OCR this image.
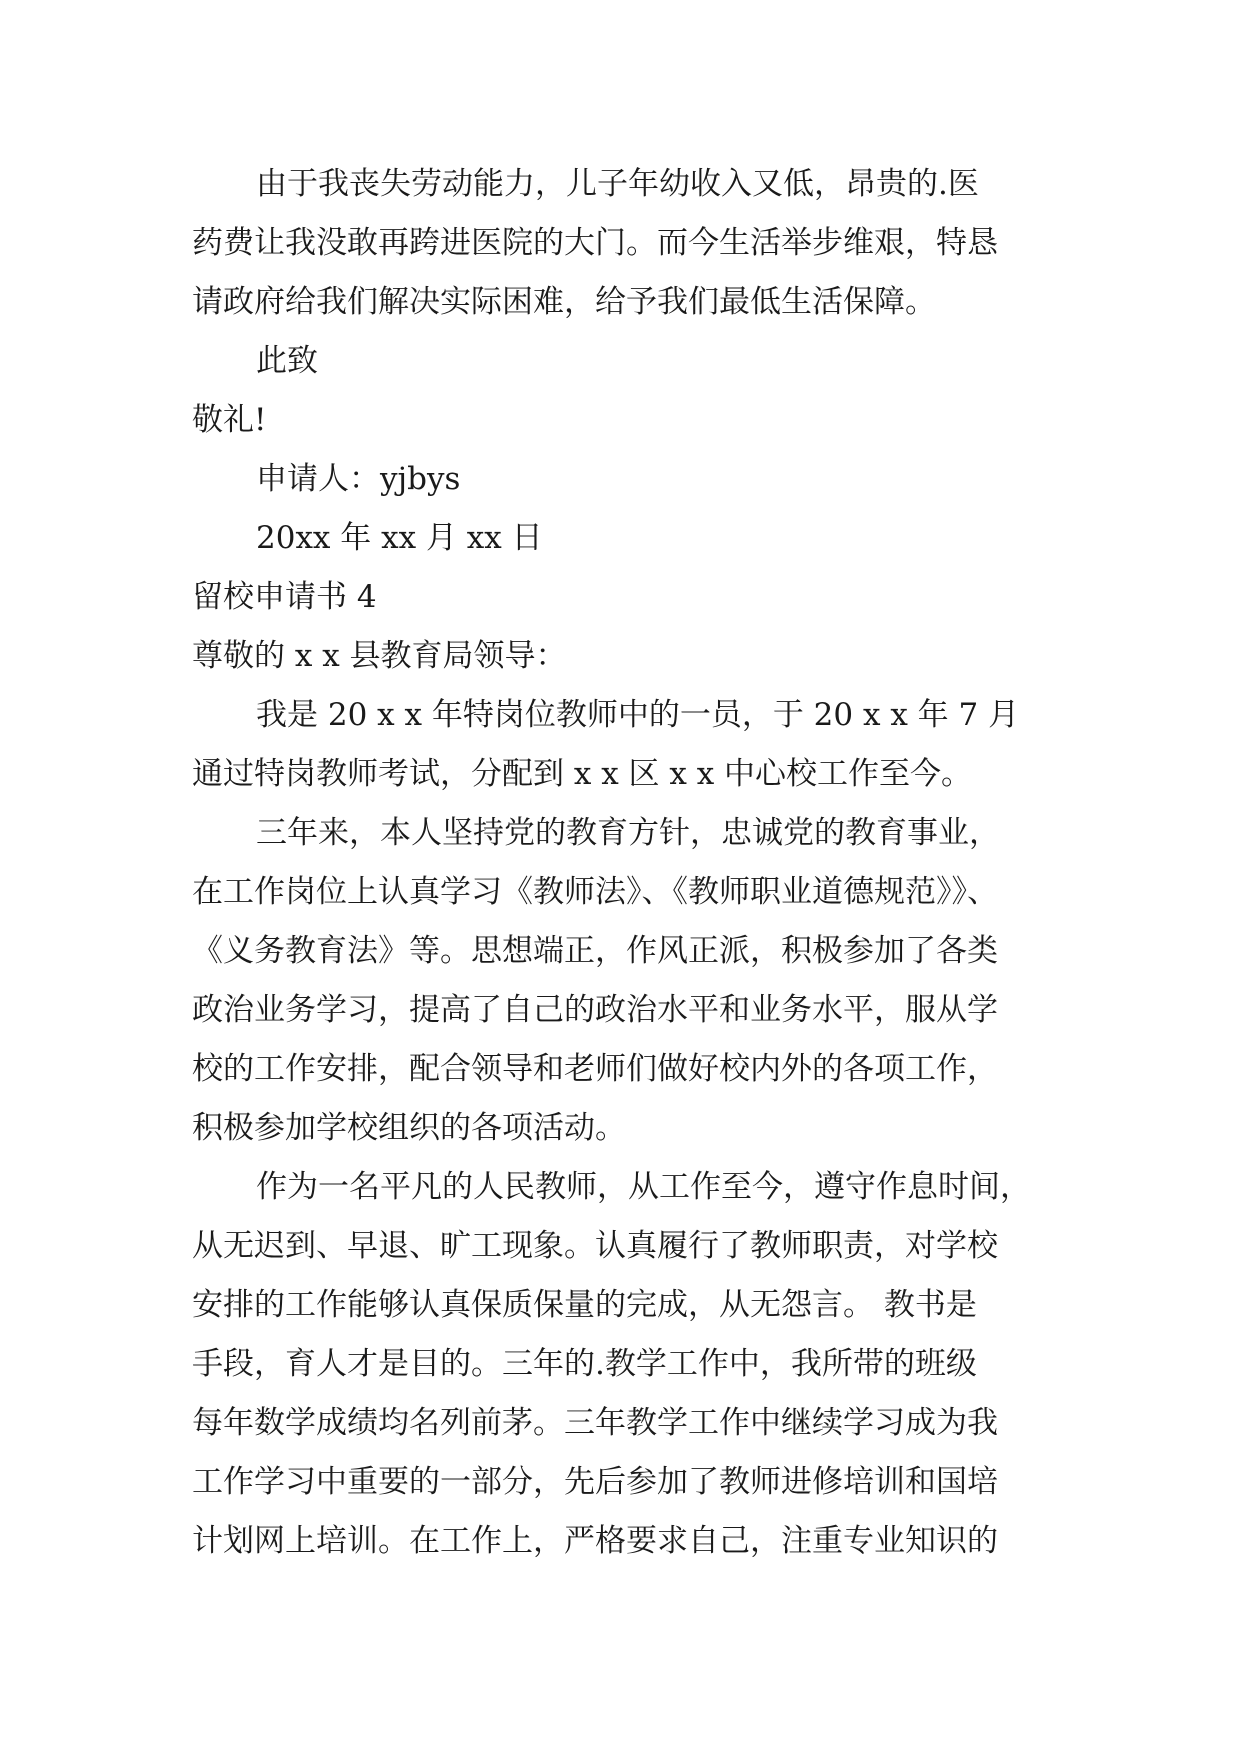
由于我丧失劳动能力，儿子年幼收入又低，昂贵的.医

药费让我没敢再跨进医院的大门。而今生活举步维艰，特恳

请政府给我们解决实际困难，给予我们最低生活保障。

此致

敬礼!

申请人：yjbys

20xx 年 xx 月 xx 日

留校申请书 4

尊敬的 x x 县教育局领导：

我是 20 x x 年特岗位教师中的一员，于 20 x x 年 7 月

通过特岗教师考试，分配到 x x 区 x x 中心校工作至今。

三年来，本人坚持党的教育方针，忠诚党的教育事业，

在工作岗位上认真学习《教师法》、《教师职业道德规范》》、

《义务教育法》等。思想端正，作风正派，积极参加了各类

政治业务学习，提高了自己的政治水平和业务水平，服从学

校的工作安排，配合领导和老师们做好校内外的各项工作，

积极参加学校组织的各项活动。

作为一名平凡的人民教师，从工作至今，遵守作息时间，

从无迟到、早退、旷工现象。认真履行了教师职责，对学校

安排的工作能够认真保质保量的完成，从无怨言。 教书是

手段，育人才是目的。三年的.教学工作中，我所带的班级

每年数学成绩均名列前茅。三年教学工作中继续学习成为我

工作学习中重要的一部分，先后参加了教师进修培训和国培

计划网上培训。在工作上，严格要求自己，注重专业知识的
